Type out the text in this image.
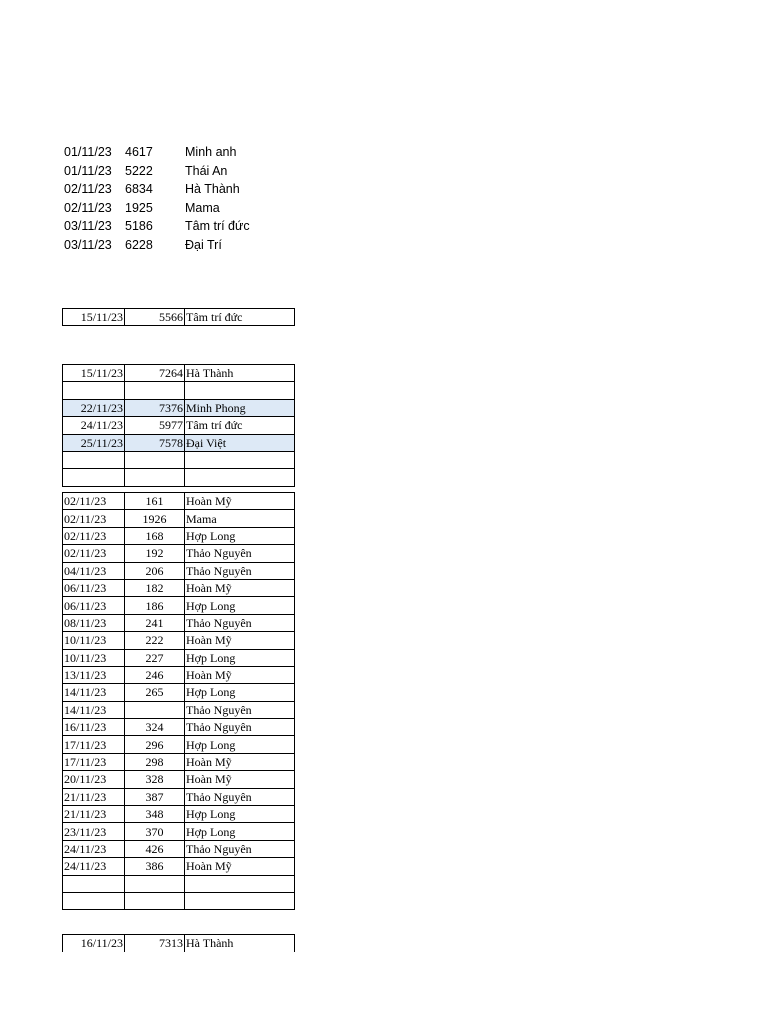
01/11/23	4617	Minh anh
01/11/23	5222	Thái An
02/11/23	6834	Hà Thành
02/11/23	1925	Mama
03/11/23	5186	Tâm trí đức
03/11/23	6228	Đại Trí
15/11/23	5566	Tâm trí đức
15/11/23	7264	Hà Thành

22/11/23	7376	Minh Phong
24/11/23	5977	Tâm trí đức
25/11/23	7578	Đại Việt

02/11/23	161	Hoàn Mỹ
02/11/23	1926	Mama
02/11/23	168	Hợp Long
02/11/23	192	Thảo Nguyên
04/11/23	206	Thảo Nguyên
06/11/23	182	Hoàn Mỹ
06/11/23	186	Hợp Long
08/11/23	241	Thảo Nguyên
10/11/23	222	Hoàn Mỹ
10/11/23	227	Hợp Long
13/11/23	246	Hoàn Mỹ
14/11/23	265	Hợp Long
14/11/23		Thảo Nguyên
16/11/23	324	Thảo Nguyên
17/11/23	296	Hợp Long
17/11/23	298	Hoàn Mỹ
20/11/23	328	Hoàn Mỹ
21/11/23	387	Thảo Nguyên
21/11/23	348	Hợp Long
23/11/23	370	Hợp Long
24/11/23	426	Thảo Nguyên
24/11/23	386	Hoàn Mỹ

16/11/23	7313	Hà Thành
